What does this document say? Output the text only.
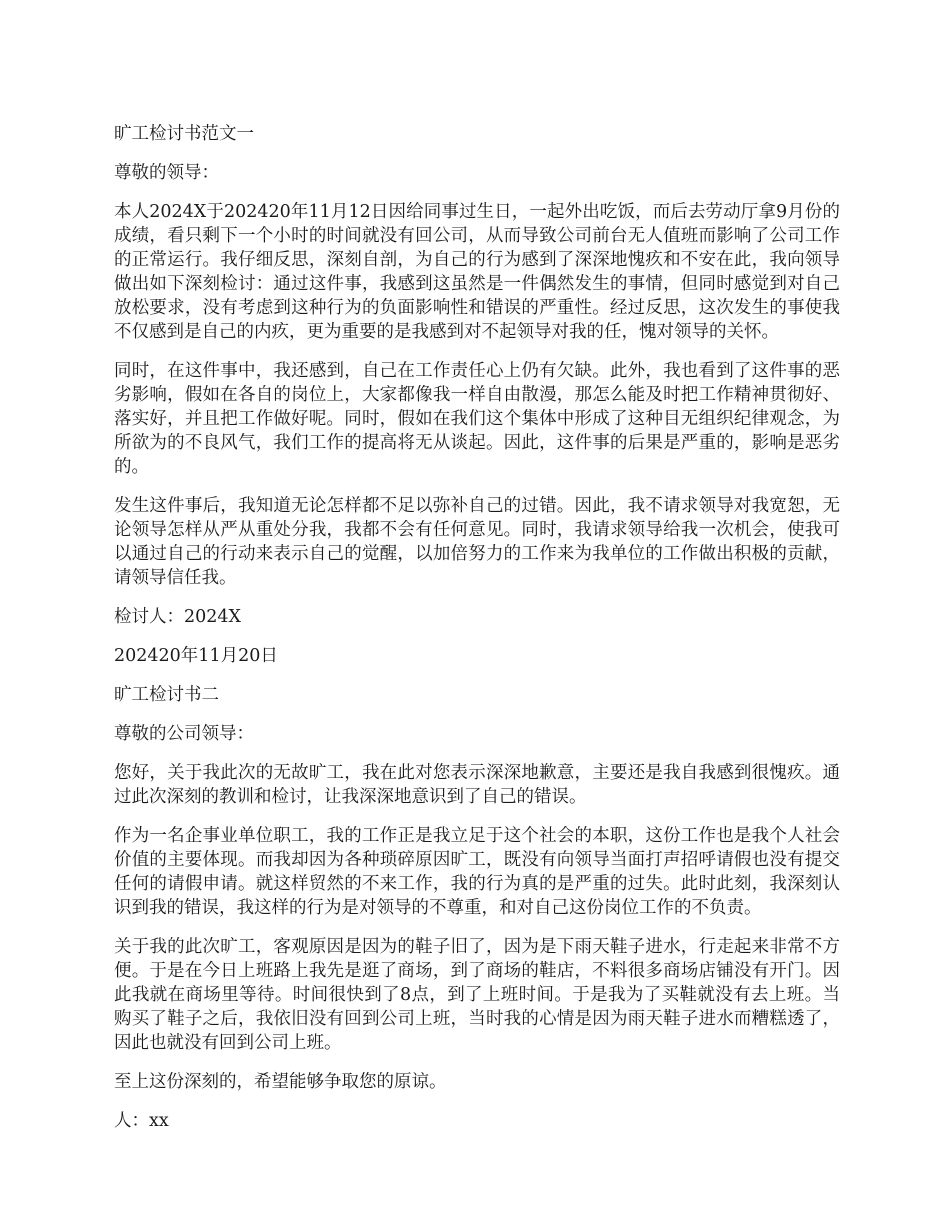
旷工检讨书范文一

尊敬的领导：

本人2024X于202420年11月12日因给同事过生日，一起外出吃饭，而后去劳动厅拿9月份的成绩，看只剩下一个小时的时间就没有回公司，从而导致公司前台无人值班而影响了公司工作的正常运行。我仔细反思，深刻自剖，为自己的行为感到了深深地愧疚和不安在此，我向领导做出如下深刻检讨：通过这件事，我感到这虽然是一件偶然发生的事情，但同时感觉到对自己放松要求，没有考虑到这种行为的负面影响性和错误的严重性。经过反思，这次发生的事使我不仅感到是自己的内疚，更为重要的是我感到对不起领导对我的任，愧对领导的关怀。

同时，在这件事中，我还感到，自己在工作责任心上仍有欠缺。此外，我也看到了这件事的恶劣影响，假如在各自的岗位上，大家都像我一样自由散漫，那怎么能及时把工作精神贯彻好、落实好，并且把工作做好呢。同时，假如在我们这个集体中形成了这种目无组织纪律观念，为所欲为的不良风气，我们工作的提高将无从谈起。因此，这件事的后果是严重的，影响是恶劣的。

发生这件事后，我知道无论怎样都不足以弥补自己的过错。因此，我不请求领导对我宽恕，无论领导怎样从严从重处分我，我都不会有任何意见。同时，我请求领导给我一次机会，使我可以通过自己的行动来表示自己的觉醒，以加倍努力的工作来为我单位的工作做出积极的贡献，请领导信任我。

检讨人：2024X

202420年11月20日

旷工检讨书二

尊敬的公司领导：

您好，关于我此次的无故旷工，我在此对您表示深深地歉意，主要还是我自我感到很愧疚。通过此次深刻的教训和检讨，让我深深地意识到了自己的错误。

作为一名企事业单位职工，我的工作正是我立足于这个社会的本职，这份工作也是我个人社会价值的主要体现。而我却因为各种琐碎原因旷工，既没有向领导当面打声招呼请假也没有提交任何的请假申请。就这样贸然的不来工作，我的行为真的是严重的过失。此时此刻，我深刻认识到我的错误，我这样的行为是对领导的不尊重，和对自己这份岗位工作的不负责。

关于我的此次旷工，客观原因是因为的鞋子旧了，因为是下雨天鞋子进水，行走起来非常不方便。于是在今日上班路上我先是逛了商场，到了商场的鞋店，不料很多商场店铺没有开门。因此我就在商场里等待。时间很快到了8点，到了上班时间。于是我为了买鞋就没有去上班。当购买了鞋子之后，我依旧没有回到公司上班，当时我的心情是因为雨天鞋子进水而糟糕透了，因此也就没有回到公司上班。

至上这份深刻的，希望能够争取您的原谅。

人：xx
